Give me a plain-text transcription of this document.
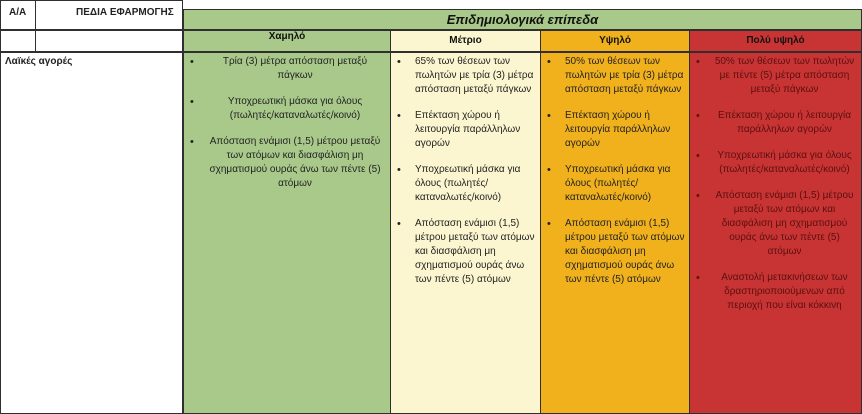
Α/Α	ΠΕΔΙΑ ΕΦΑΡΜΟΓΗΣ	Επιδημιολογικά επίπεδα
Χαμηλό	Μέτριο	Υψηλό	Πολύ υψηλό
Λαϊκές αγορές
•	Τρία (3) μέτρα απόσταση μεταξύ πάγκων
• Υποχρεωτική μάσκα για όλους (πωλητές/καταναλωτές/κοινό)
• Απόσταση ενάμισι (1,5) μέτρου μεταξύ των ατόμων και διασφάλιση μη σχηματισμού ουράς άνω των πέντε (5) ατόμων
• 65% των θέσεων των πωλητών με τρία (3) μέτρα απόσταση μεταξύ πάγκων
• Επέκταση χώρου ή λειτουργία παράλληλων αγορών
• Υποχρεωτική μάσκα για όλους (πωλητές/καταναλωτές/κοινό)
• Απόσταση ενάμισι (1,5) μέτρου μεταξύ των ατόμων και διασφάλιση μη σχηματισμού ουράς άνω των πέντε (5) ατόμων
• 50% των θέσεων των πωλητών με τρία (3) μέτρα απόσταση μεταξύ πάγκων
• Επέκταση χώρου ή λειτουργία παράλληλων αγορών
• Υποχρεωτική μάσκα για όλους (πωλητές/καταναλωτές/κοινό)
• Απόσταση ενάμισι (1,5) μέτρου μεταξύ των ατόμων και διασφάλιση μη σχηματισμού ουράς άνω των πέντε (5) ατόμων
• 50% των θέσεων των πωλητών με πέντε (5) μέτρα απόσταση μεταξύ πάγκων
• Επέκταση χώρου ή λειτουργία παράλληλων αγορών
• Υποχρεωτική μάσκα για όλους (πωλητές/καταναλωτές/κοινό)
• Απόσταση ενάμισι (1,5) μέτρου μεταξύ των ατόμων και διασφάλιση μη σχηματισμού ουράς άνω των πέντε (5) ατόμων
• Αναστολή μετακινήσεων των δραστηριοποιούμενων από περιοχή που είναι κόκκινη
